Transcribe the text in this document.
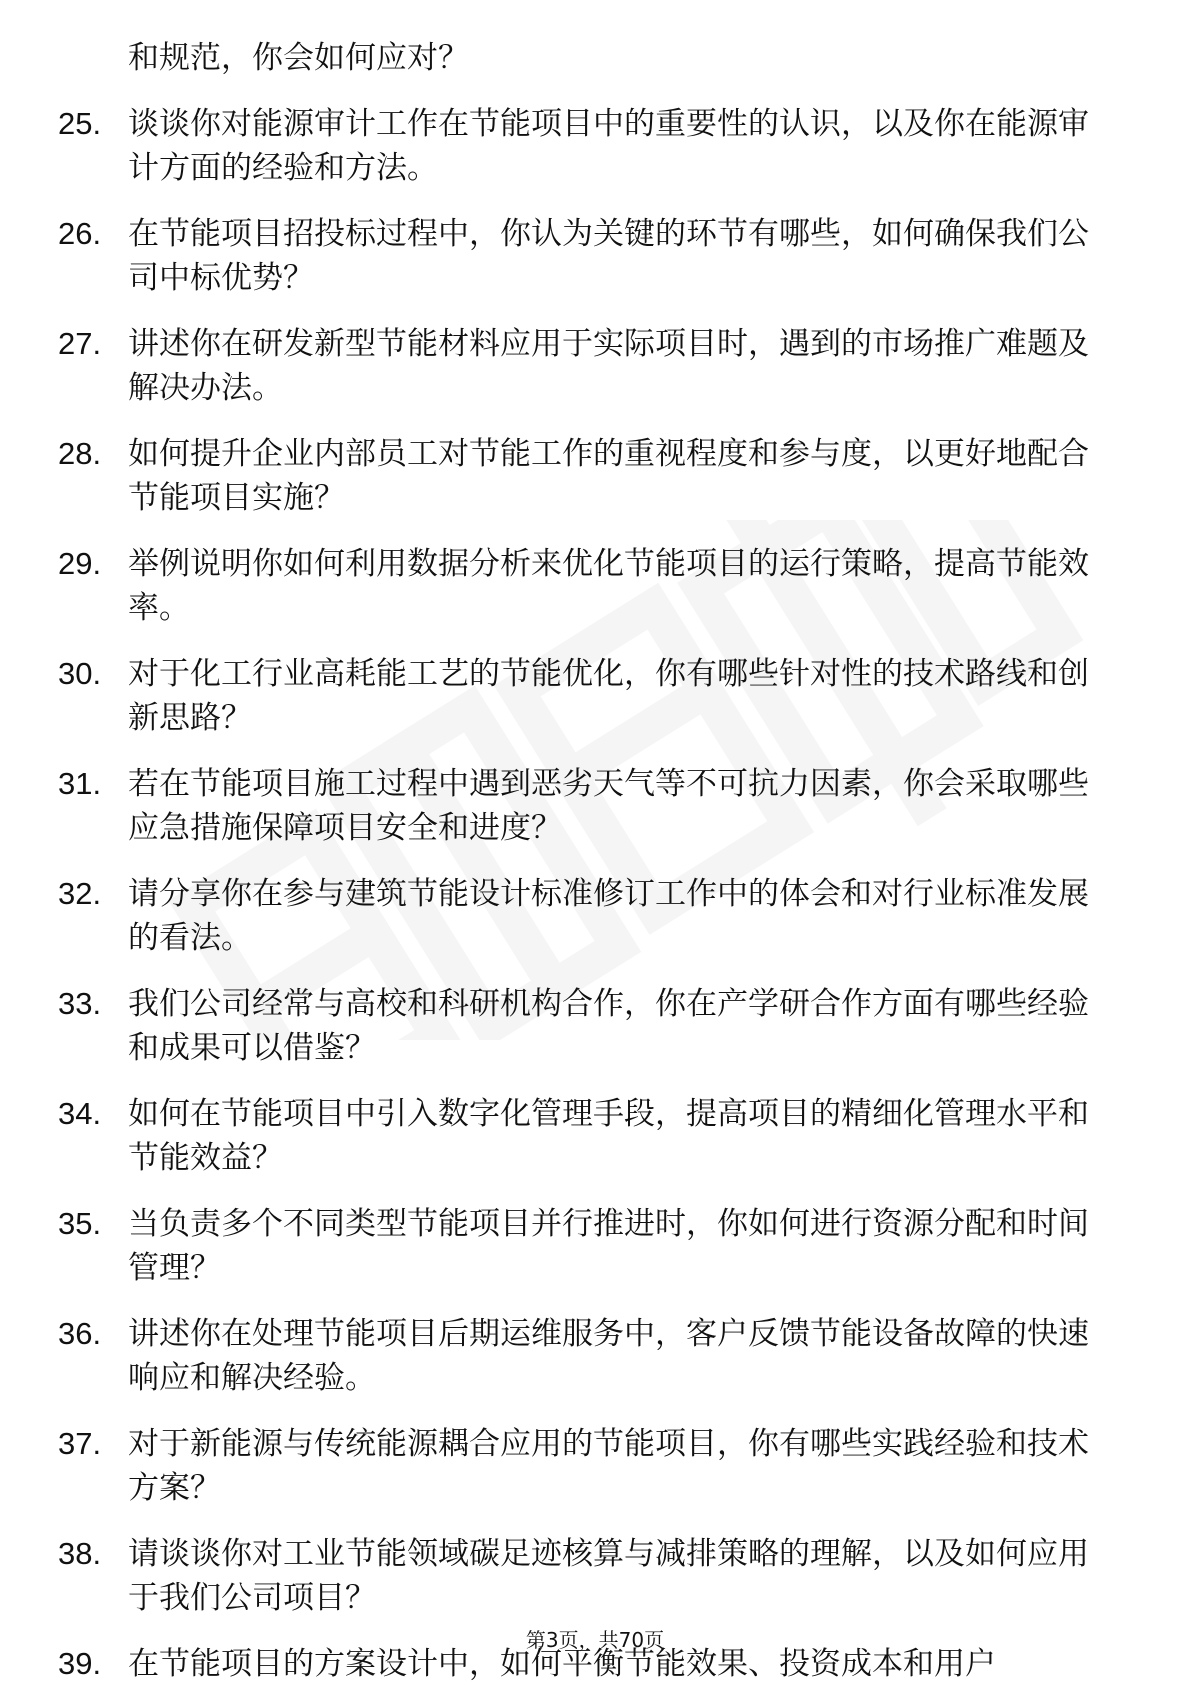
和规范，你会如何应对？
25. 谈谈你对能源审计工作在节能项目中的重要性的认识，以及你在能源审计方面的经验和方法。
26. 在节能项目招投标过程中，你认为关键的环节有哪些，如何确保我们公司中标优势？
27. 讲述你在研发新型节能材料应用于实际项目时，遇到的市场推广难题及解决办法。
28. 如何提升企业内部员工对节能工作的重视程度和参与度，以更好地配合节能项目实施？
29. 举例说明你如何利用数据分析来优化节能项目的运行策略，提高节能效率。
30. 对于化工行业高耗能工艺的节能优化，你有哪些针对性的技术路线和创新思路？
31. 若在节能项目施工过程中遇到恶劣天气等不可抗力因素，你会采取哪些应急措施保障项目安全和进度？
32. 请分享你在参与建筑节能设计标准修订工作中的体会和对行业标准发展的看法。
33. 我们公司经常与高校和科研机构合作，你在产学研合作方面有哪些经验和成果可以借鉴？
34. 如何在节能项目中引入数字化管理手段，提高项目的精细化管理水平和节能效益？
35. 当负责多个不同类型节能项目并行推进时，你如何进行资源分配和时间管理？
36. 讲述你在处理节能项目后期运维服务中，客户反馈节能设备故障的快速响应和解决经验。
37. 对于新能源与传统能源耦合应用的节能项目，你有哪些实践经验和技术方案？
38. 请谈谈你对工业节能领域碳足迹核算与减排策略的理解，以及如何应用于我们公司项目？
39. 在节能项目的方案设计中，如何平衡节能效果、投资成本和用户
第3页，共70页
